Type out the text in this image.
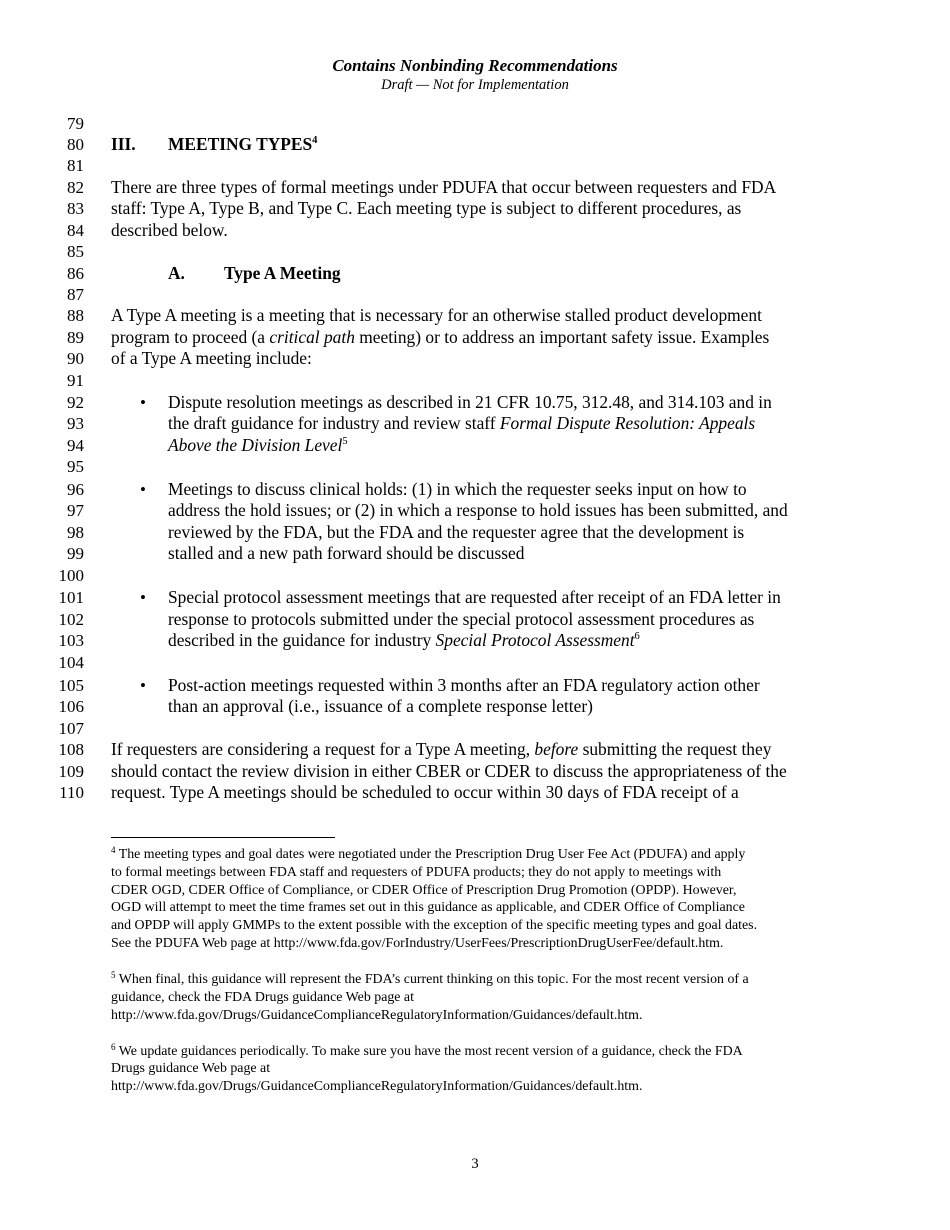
Contains Nonbinding Recommendations
Draft — Not for Implementation
79
80 III. MEETING TYPES$^4$
81
82 There are three types of formal meetings under PDUFA that occur between requesters and FDA
83 staff: Type A, Type B, and Type C. Each meeting type is subject to different procedures, as
84 described below.
85
86	A. Type A Meeting
87
88 A Type A meeting is a meeting that is necessary for an otherwise stalled product development
89 program to proceed (a critical path meeting) or to address an important safety issue. Examples
90 of a Type A meeting include:
91
92	• Dispute resolution meetings as described in 21 CFR 10.75, 312.48, and 314.103 and in
93	the draft guidance for industry and review staff Formal Dispute Resolution: Appeals
94	Above the Division Level$^5$
95
96	• Meetings to discuss clinical holds: (1) in which the requester seeks input on how to
97	address the hold issues; or (2) in which a response to hold issues has been submitted, and
98	reviewed by the FDA, but the FDA and the requester agree that the development is
99	stalled and a new path forward should be discussed
100
101	• Special protocol assessment meetings that are requested after receipt of an FDA letter in
102	response to protocols submitted under the special protocol assessment procedures as
103	described in the guidance for industry Special Protocol Assessment$^6$
104
105	• Post-action meetings requested within 3 months after an FDA regulatory action other
106	than an approval (i.e., issuance of a complete response letter)
107
108 If requesters are considering a request for a Type A meeting, before submitting the request they
109 should contact the review division in either CBER or CDER to discuss the appropriateness of the
110 request. Type A meetings should be scheduled to occur within 30 days of FDA receipt of a
$^4$ The meeting types and goal dates were negotiated under the Prescription Drug User Fee Act (PDUFA) and apply
to formal meetings between FDA staff and requesters of PDUFA products; they do not apply to meetings with
CDER OGD, CDER Office of Compliance, or CDER Office of Prescription Drug Promotion (OPDP). However,
OGD will attempt to meet the time frames set out in this guidance as applicable, and CDER Office of Compliance
and OPDP will apply GMMPs to the extent possible with the exception of the specific meeting types and goal dates.
See the PDUFA Web page at http://www.fda.gov/ForIndustry/UserFees/PrescriptionDrugUserFee/default.htm.
$^5$ When final, this guidance will represent the FDA’s current thinking on this topic. For the most recent version of a
guidance, check the FDA Drugs guidance Web page at
http://www.fda.gov/Drugs/GuidanceComplianceRegulatoryInformation/Guidances/default.htm.
$^6$ We update guidances periodically. To make sure you have the most recent version of a guidance, check the FDA
Drugs guidance Web page at
http://www.fda.gov/Drugs/GuidanceComplianceRegulatoryInformation/Guidances/default.htm.
3
